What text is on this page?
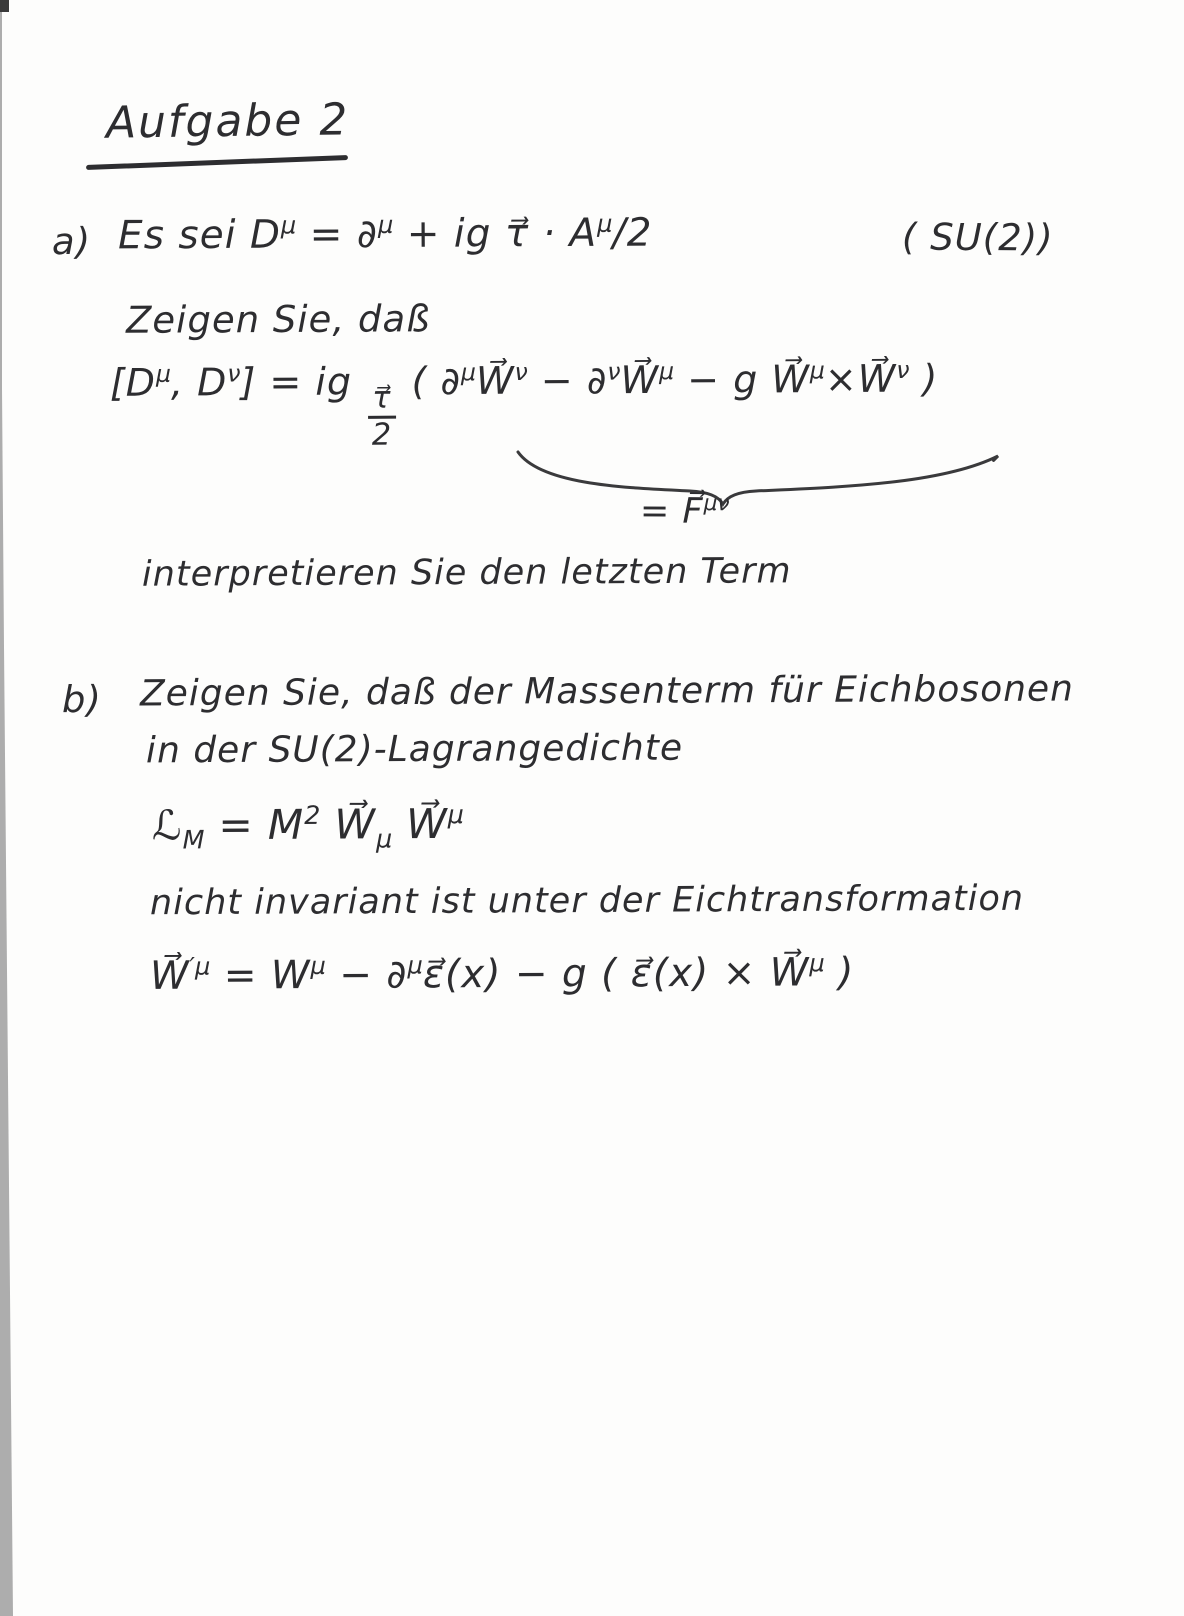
Aufgabe 2
a) Es sei $D^\mu = \partial^\mu$ + ig τ⃗ · $A^\mu/2$	( SU(2))
Zeigen Sie, daß
[$D^\mu$, $D^\nu$] = ig
$\frac{\tau⃗}{2}$
( ∂$^\mu$W⃗$^\nu$ − ∂$^\nu$W⃗$^\mu$ − g W⃗$^\mu$×W⃗$^\nu$ )
= F⃗$^{\mu\nu}$
interpretieren Sie den letzten Term
b) Zeigen Sie, daß der Massenterm für Eichbosonen
in der SU(2)-Lagrangedichte
ℒ$_M$ = $M^2$ $W⃗_\mu$ W⃗$^\mu$
nicht invariant ist unter der Eichtransformation
W⃗$^{'\mu}$ = $W^\mu$ − ∂$^\mu$ε⃗(x) − g ( ε⃗(x) × W⃗$^\mu$ )
